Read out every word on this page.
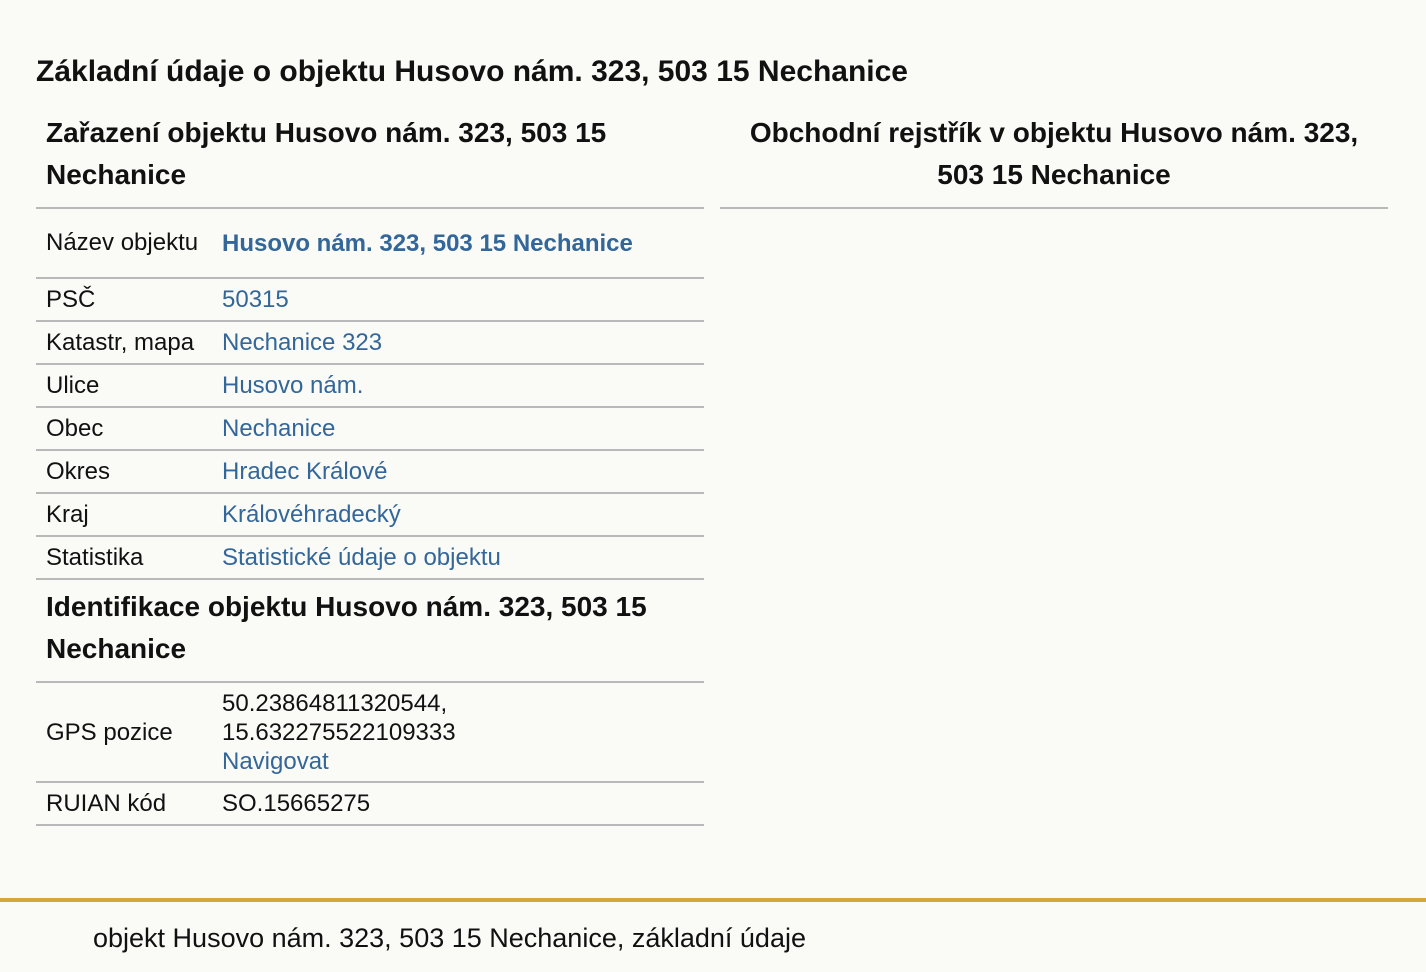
Základní údaje o objektu Husovo nám. 323, 503 15 Nechanice
Zařazení objektu Husovo nám. 323, 503 15 Nechanice
Název objektu	Husovo nám. 323, 503 15 Nechanice
PSČ	50315
Katastr, mapa	Nechanice 323
Ulice	Husovo nám.
Obec	Nechanice
Okres	Hradec Králové
Kraj	Královéhradecký
Statistika	Statistické údaje o objektu
Identifikace objektu Husovo nám. 323, 503 15 Nechanice
GPS pozice	50.23864811320544,
15.632275522109333
Navigovat

RUIAN kód	SO.15665275
Obchodní rejstřík v objektu Husovo nám. 323, 503 15 Nechanice
objekt Husovo nám. 323, 503 15 Nechanice, základní údaje
